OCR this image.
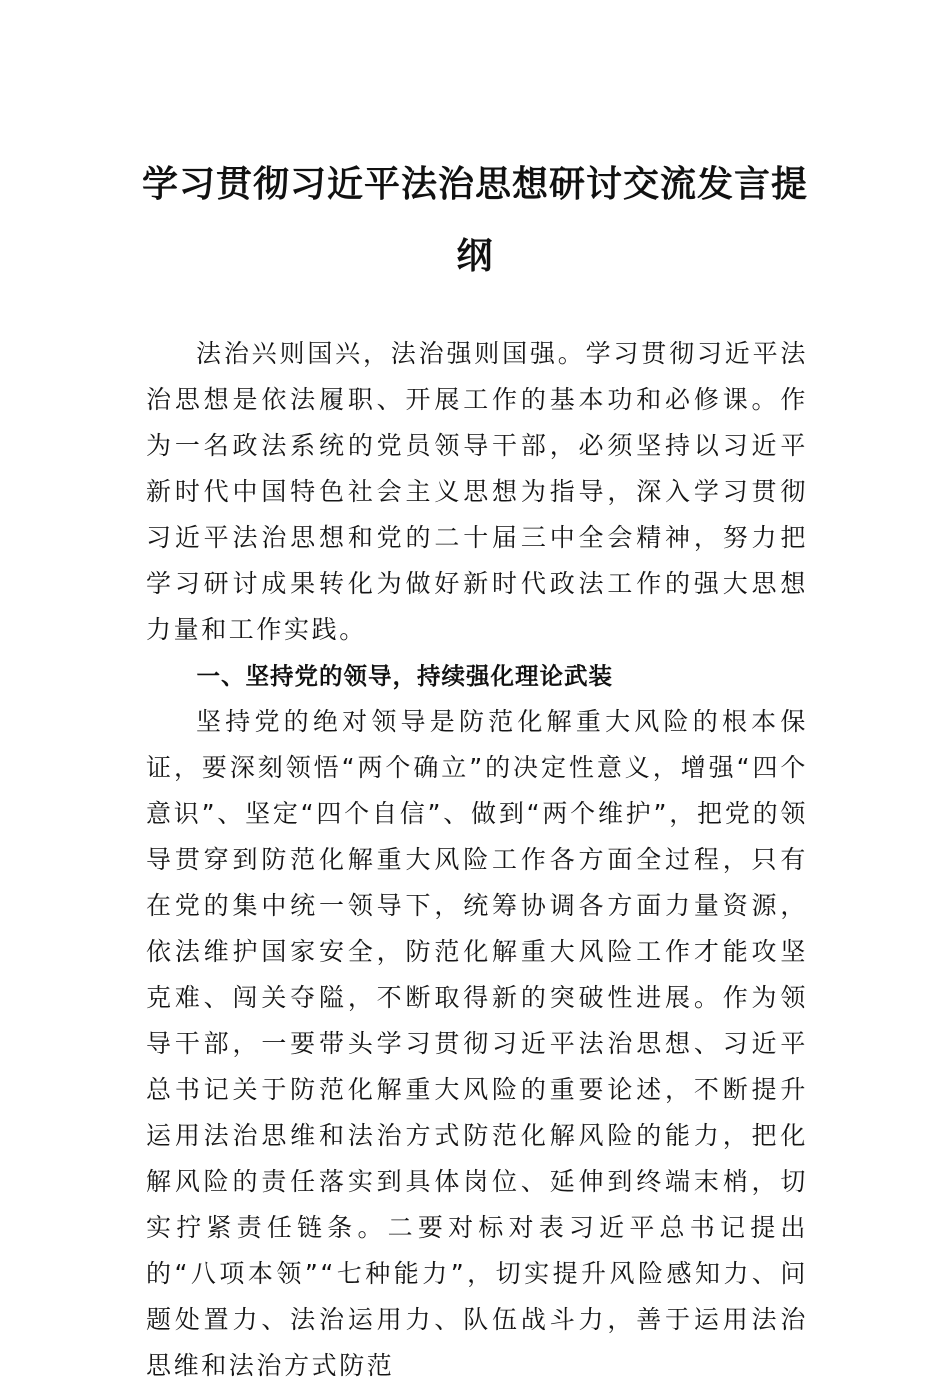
学习贯彻习近平法治思想研讨交流发言提
纲

法治兴则国兴，法治强则国强。学习贯彻习近平法治思想是依法履职、开展工作的基本功和必修课。作为一名政法系统的党员领导干部，必须坚持以习近平新时代中国特色社会主义思想为指导，深入学习贯彻习近平法治思想和党的二十届三中全会精神，努力把学习研讨成果转化为做好新时代政法工作的强大思想力量和工作实践。

一、坚持党的领导，持续强化理论武装

坚持党的绝对领导是防范化解重大风险的根本保证，要深刻领悟“两个确立”的决定性意义，增强“四个意识”、坚定“四个自信”、做到“两个维护”，把党的领导贯穿到防范化解重大风险工作各方面全过程，只有在党的集中统一领导下，统筹协调各方面力量资源，依法维护国家安全，防范化解重大风险工作才能攻坚克难、闯关夺隘，不断取得新的突破性进展。作为领导干部，一要带头学习贯彻习近平法治思想、习近平总书记关于防范化解重大风险的重要论述，不断提升运用法治思维和法治方式防范化解风险的能力，把化解风险的责任落实到具体岗位、延伸到终端末梢，切实拧紧责任链条。二要对标对表习近平总书记提出的“八项本领”“七种能力”，切实提升风险感知力、问题处置力、法治运用力、队伍战斗力，善于运用法治思维和法治方式防范
